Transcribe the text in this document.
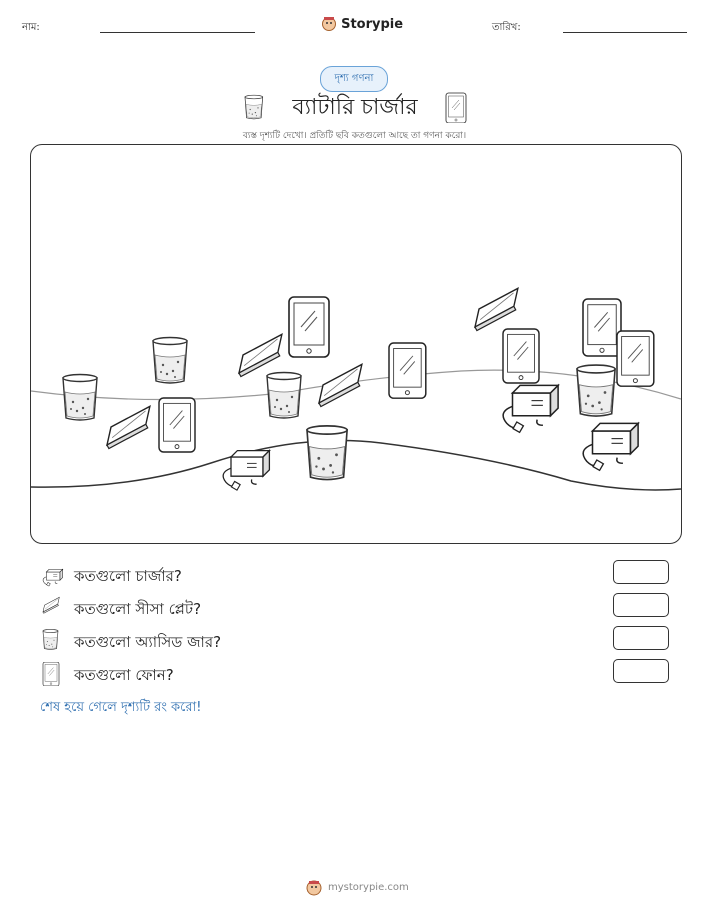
নাম:	Storypie	তারিখ:
দৃশ্য গণনা
ব্যাটারি চার্জার
ব্যস্ত দৃশ্যটি দেখো। প্রতিটি ছবি কতগুলো আছে তা গণনা করো।
কতগুলো চার্জার?
কতগুলো সীসা প্লেট?
কতগুলো অ্যাসিড জার?
কতগুলো ফোন?
শেষ হয়ে গেলে দৃশ্যটি রং করো!
mystorypie.com
